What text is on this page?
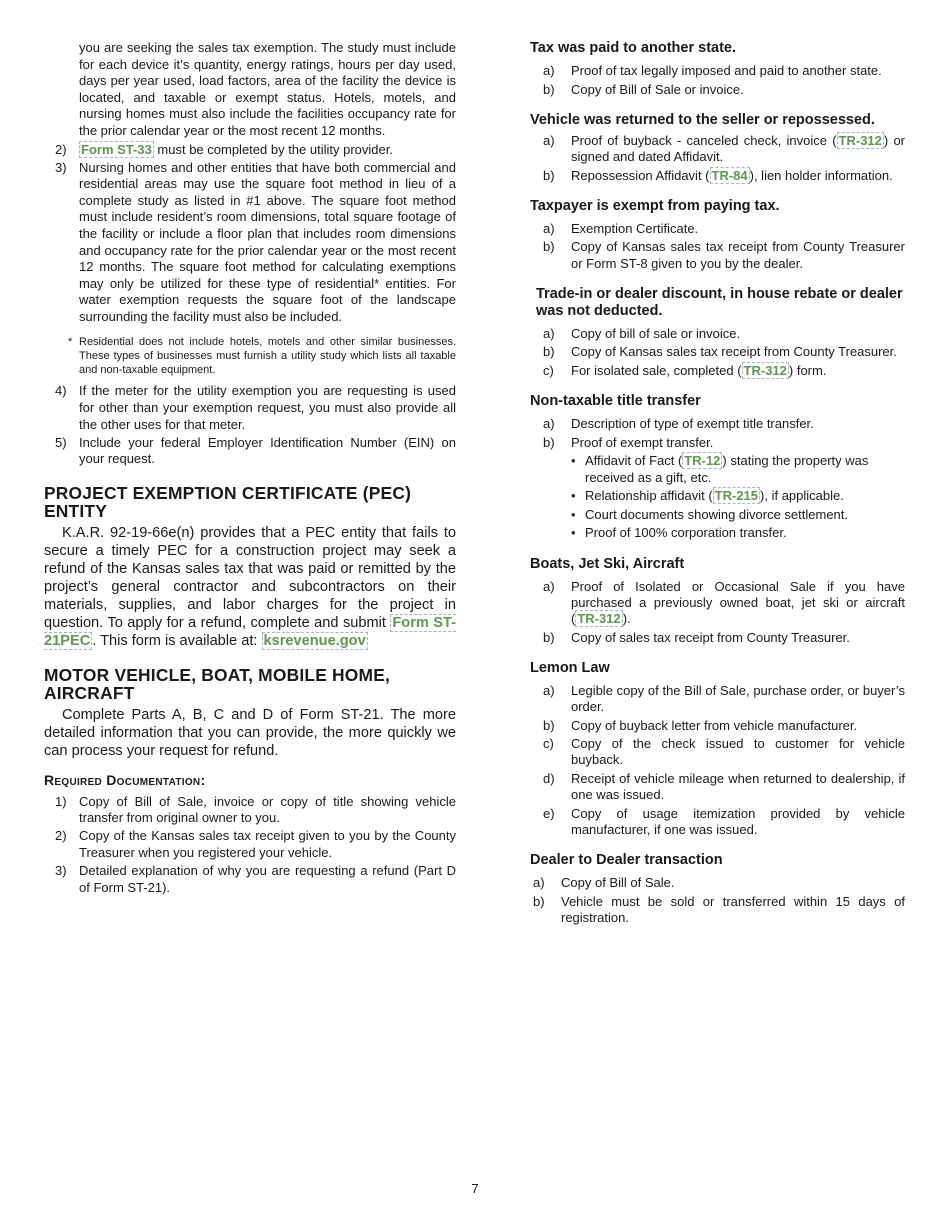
you are seeking the sales tax exemption. The study must include for each device it’s quantity, energy ratings, hours per day used, days per year used, load factors, area of the facility the device is located, and taxable or exempt status. Hotels, motels, and nursing homes must also include the facilities occupancy rate for the prior calendar year or the most recent 12 months.
2) Form ST-33 must be completed by the utility provider.
3) Nursing homes and other entities that have both commercial and residential areas may use the square foot method in lieu of a complete study as listed in #1 above. The square foot method must include resident’s room dimensions, total square footage of the facility or include a floor plan that includes room dimensions and occupancy rate for the prior calendar year or the most recent 12 months. The square foot method for calculating exemptions may only be utilized for these type of residential* entities. For water exemption requests the square foot of the landscape surrounding the facility must also be included.
* Residential does not include hotels, motels and other similar businesses. These types of businesses must furnish a utility study which lists all taxable and non-taxable equipment.
4) If the meter for the utility exemption you are requesting is used for other than your exemption request, you must also provide all the other uses for that meter.
5) Include your federal Employer Identification Number (EIN) on your request.
PROJECT EXEMPTION CERTIFICATE (PEC) ENTITY

K.A.R. 92-19-66e(n) provides that a PEC entity that fails to secure a timely PEC for a construction project may seek a refund of the Kansas sales tax that was paid or remitted by the project’s general contractor and subcontractors on their materials, supplies, and labor charges for the project in question. To apply for a refund, complete and submit Form ST-21PEC . This form is available at: ksrevenue.gov

MOTOR VEHICLE, BOAT, MOBILE HOME, AIRCRAFT

Complete Parts A, B, C and D of Form ST-21. The more detailed information that you can provide, the more quickly we can process your request for refund.

Required Documentation:
1) Copy of Bill of Sale, invoice or copy of title showing vehicle transfer from original owner to you.
2) Copy of the Kansas sales tax receipt given to you by the County Treasurer when you registered your vehicle.
3) Detailed explanation of why you are requesting a refund (Part D of Form ST-21).
Tax was paid to another state.
a) Proof of tax legally imposed and paid to another state.
b) Copy of Bill of Sale or invoice.
Vehicle was returned to the seller or repossessed.
a) Proof of buyback - canceled check, invoice ( TR-312 ) or signed and dated Affidavit.
b) Repossession Affidavit ( TR-84 ), lien holder information.
Taxpayer is exempt from paying tax.
a) Exemption Certificate.
b) Copy of Kansas sales tax receipt from County Treasurer or Form ST-8 given to you by the dealer.
Trade-in or dealer discount, in house rebate or dealer was not deducted.
a) Copy of bill of sale or invoice.
b) Copy of Kansas sales tax receipt from County Treasurer.
c) For isolated sale, completed ( TR-312 ) form.
Non-taxable title transfer
a) Description of type of exempt title transfer.
b) Proof of exempt transfer.
• Affidavit of Fact ( TR-12 ) stating the property was received as a gift, etc.
• Relationship affidavit ( TR-215 ), if applicable.
• Court documents showing divorce settlement.
• Proof of 100% corporation transfer.
Boats, Jet Ski, Aircraft
a) Proof of Isolated or Occasional Sale if you have purchased a previously owned boat, jet ski or aircraft ( TR-312 ).
b) Copy of sales tax receipt from County Treasurer.
Lemon Law
a) Legible copy of the Bill of Sale, purchase order, or buyer’s order.
b) Copy of buyback letter from vehicle manufacturer.
c) Copy of the check issued to customer for vehicle buyback.
d) Receipt of vehicle mileage when returned to dealership, if one was issued.
e) Copy of usage itemization provided by vehicle manufacturer, if one was issued.
Dealer to Dealer transaction
a) Copy of Bill of Sale.
b) Vehicle must be sold or transferred within 15 days of registration.
7
